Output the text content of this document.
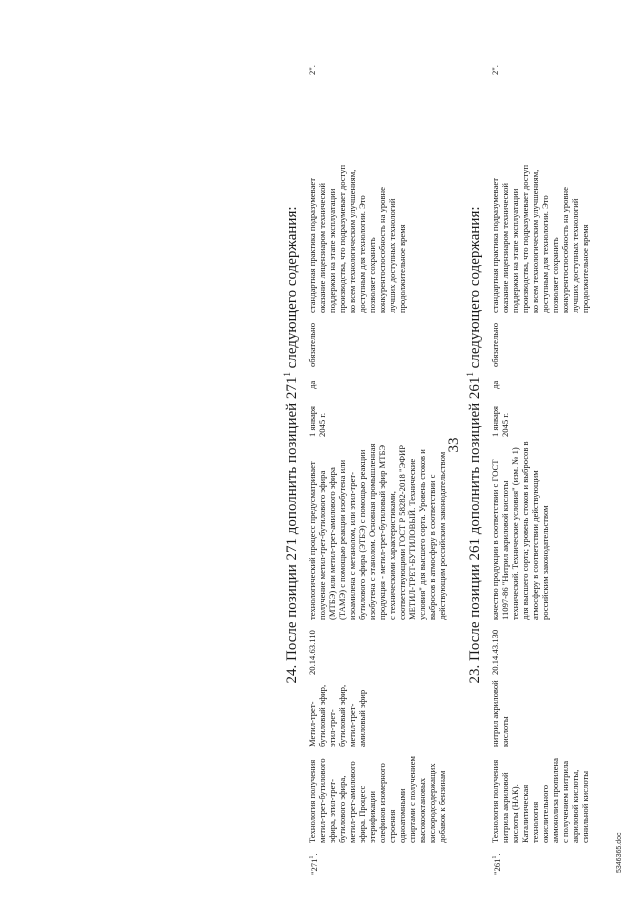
33 23. После позиции 261 дополнить позицией $261^1$ следующего содержания:
"$261^1$.
Технология получения нитрила акриловой кислоты (НАК). Каталитическая технология окислительного аммонолиза пропилена с получением нитрила акриловой кислоты, синильной кислоты
нитрил акриловой кислоты
20.14.43.130
качество продукции в соответствии с ГОСТ 11097-86 "Нитрил акриловой кислоты технический. Технические условия" (изм. № 1) для высшего сорта; уровень стоков и выбросов в атмосферу в соответствии действующим российским законодательством
1 января 2045 г.
да
обязательно
стандартная практика подразумевает оказание лицензиаром технической поддержки на этапе эксплуатации производства, что подразумевает доступ ко всем технологическим улучшениям, доступным для технологии. Это позволяет сохранить конкурентоспособность на уровне лучших доступных технологий продолжительное время
2".
24. После позиции 271 дополнить позицией $271^1$ следующего содержания:
"$271^1$.
Технология получения метил-трет-бутилового эфира, этил-трет-бутилового эфира, метил-трет-амилового эфира. Процесс этерификации олефинов изомерного строения одноатомными спиртами с получением высокооктановых кислородсодержащих добавок к бензинам
Метил-трет-бутиловый эфир, этил-трет-бутиловый эфир, метил-трет-амиловый эфир
20.14.63.110
технологический процесс предусматривает получение метил-трет-бутилового эфира (МТБЭ) или метил-трет-амилового эфира (ТАМЭ) с помощью реакции изобутена или изоамилена с метанолом, или этил-трет-бутилового эфира (ЭТБЭ) с помощью реакции изобутена с этанолом. Основная промышленная продукция - метил-трет-бутиловый эфир МТБЭ с техническими характеристиками, соответствующими ГОСТ Р 58282-2018 "ЭФИР МЕТИЛ-ТРЕТ-БУТИЛОВЫЙ. Технические условия" для высшего сорта. Уровень стоков и выбросов в атмосферу в соответствии с действующим российским законодательством
1 января 2045 г.
да
обязательно
стандартная практика подразумевает оказание лицензиаром технической поддержки на этапе эксплуатации производства, что подразумевает доступ ко всем технологическим улучшениям, доступным для технологии. Это позволяет сохранить конкурентоспособность на уровне лучших доступных технологий продолжительное время
2".
5346365.doc
